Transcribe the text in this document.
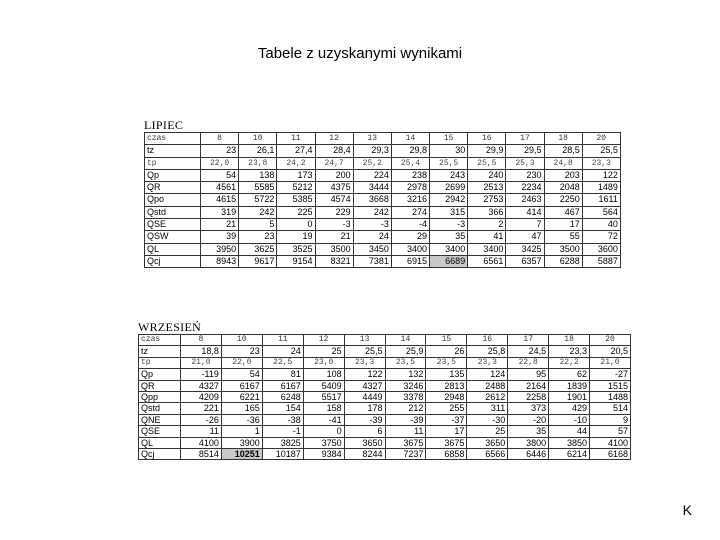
Tabele z uzyskanymi wynikami
LIPIEC
czas	8	10	11	12	13	14	15	16	17	18	20
tz	23	26,1	27,4	28,4	29,3	29,8	30	29,9	29,5	28,5	25,5
tp	22,0	23,8	24,2	24,7	25,2	25,4	25,5	25,5	25,3	24,8	23,3
Qp	54	138	173	200	224	238	243	240	230	203	122
QR	4561	5585	5212	4375	3444	2978	2699	2513	2234	2048	1489
Qpo	4615	5722	5385	4574	3668	3216	2942	2753	2463	2250	1611
Qstd	319	242	225	229	242	274	315	366	414	467	564
QSE	21	5	0	-3	-3	-4	-3	2	7	17	40
QSW	39	23	19	21	24	29	35	41	47	55	72
QL	3950	3625	3525	3500	3450	3400	3400	3400	3425	3500	3600
Qcj	8943	9617	9154	8321	7381	6915	6689	6561	6357	6288	5887
WRZESIEŃ
czas	8	10	11	12	13	14	15	16	17	18	20
tz	18,8	23	24	25	25,5	25,9	26	25,8	24,5	23,3	20,5
tp	21,0	22,0	22,5	23,0	23,3	23,5	23,5	23,3	22,8	22,2	21,0
Qp	-119	54	81	108	122	132	135	124	95	62	-27
QR	4327	6167	6167	5409	4327	3246	2813	2488	2164	1839	1515
Qpp	4209	6221	6248	5517	4449	3378	2948	2612	2258	1901	1488
Qstd	221	165	154	158	178	212	255	311	373	429	514
QNE	-26	-36	-38	-41	-39	-39	-37	-30	-20	-10	9
QSE	11	1	-1	0	6	11	17	25	35	44	57
QL	4100	3900	3825	3750	3650	3675	3675	3650	3800	3850	4100
Qcj	8514	10251	10187	9384	8244	7237	6858	6566	6446	6214	6168
K
